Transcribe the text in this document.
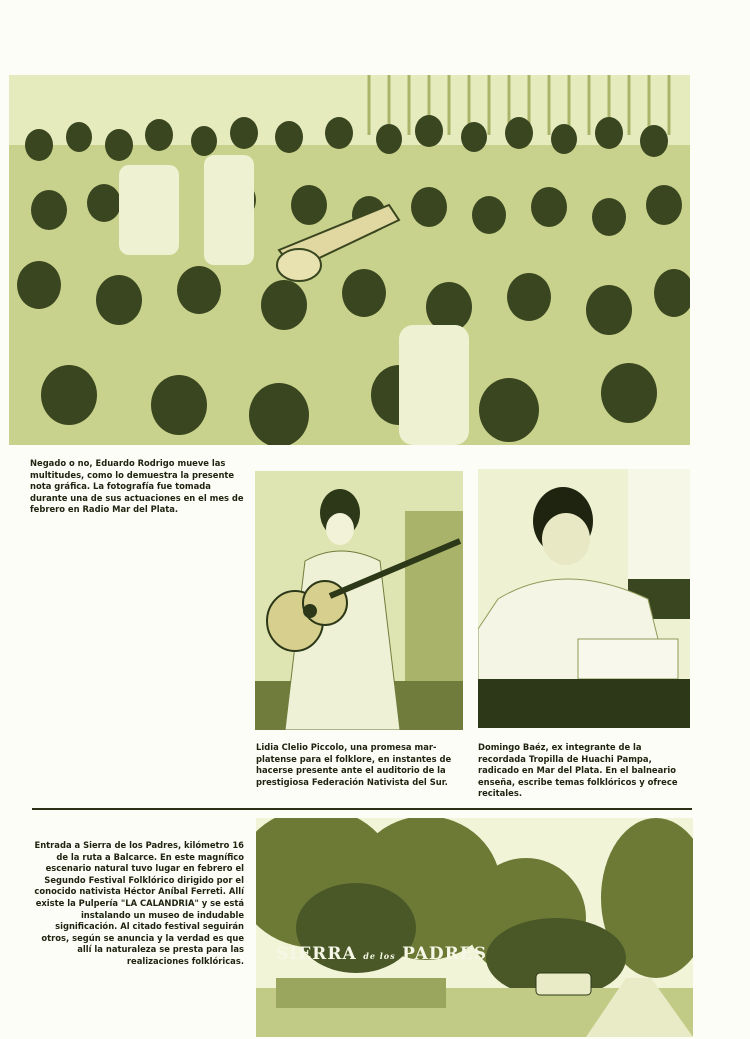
Negado o no, Eduardo Rodrigo mueve las multitudes, como lo demuestra la presente nota gráfica. La fotografía fue tomada durante una de sus actuaciones en el mes de febrero en Radio Mar del Plata.

Lidia Clelio Piccolo, una promesa mar-platense para el folklore, en instantes de hacerse presente ante el auditorio de la prestigiosa Federación Nativista del Sur.

Domingo Baéz, ex integrante de la recordada Tropilla de Huachi Pampa, radicado en Mar del Plata. En el balneario enseña, escribe temas folklóricos y ofrece recitales.

Entrada a Sierra de los Padres, kilómetro 16 de la ruta a Balcarce. En este magnífico escenario natural tuvo lugar en febrero el Segundo Festival Folklórico dirigido por el conocido nativista Héctor Aníbal Ferreti. Allí existe la Pulpería "LA CALANDRIA" y se está instalando un museo de indudable significación. Al citado festival seguirán otros, según se anuncia y la verdad es que allí la naturaleza se presta para las realizaciones folklóricas. SIERRA de los PADRES
